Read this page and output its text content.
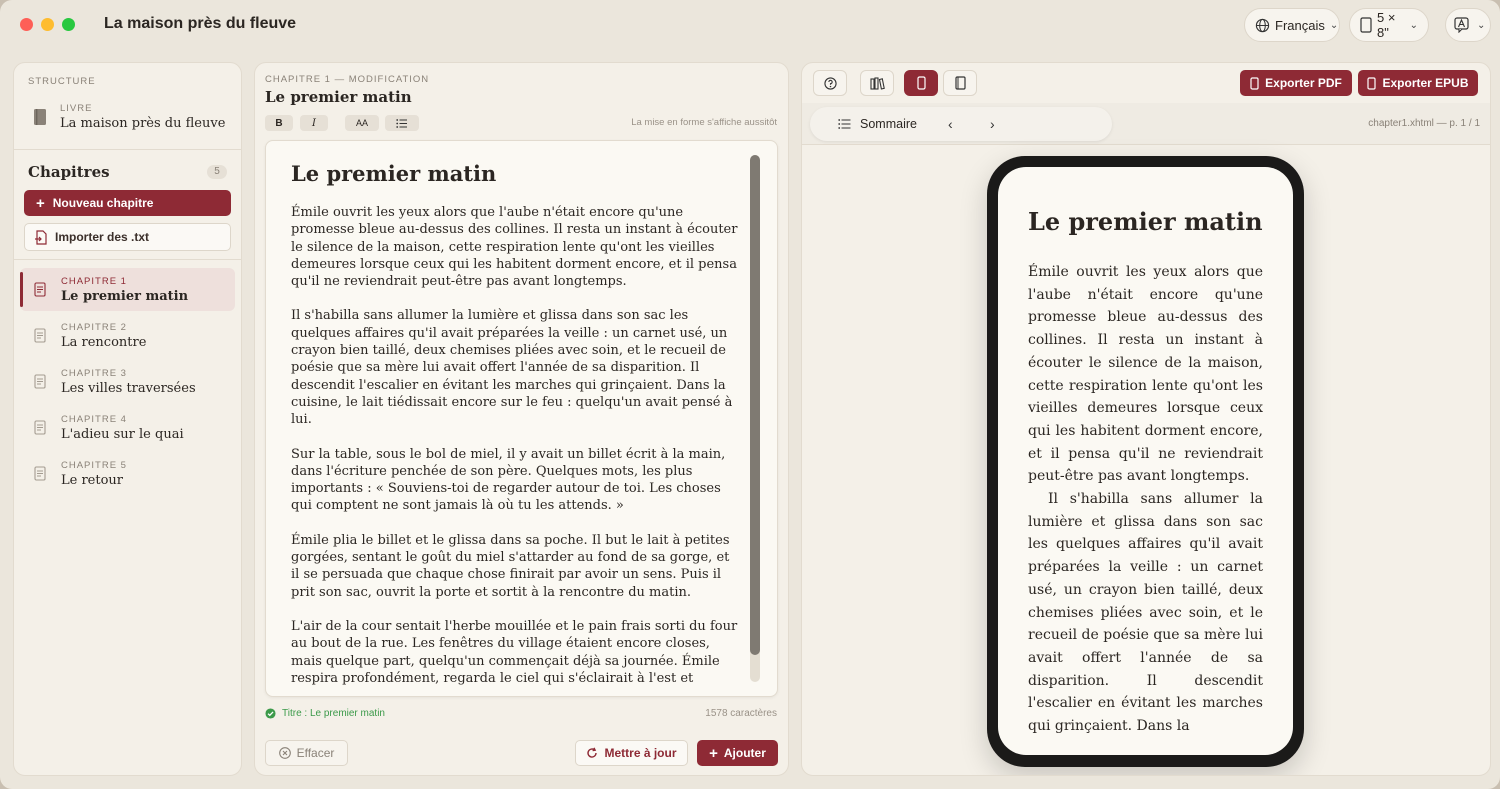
La maison près du fleuve	Français ⌄	5 × 8"	⌄	⌄
STRUCTURE
LIVRE
La maison près du fleuve
Chapitres	5
+ Nouveau chapitre
Importer des .txt
CHAPITRE 1
Le premier matin
CHAPITRE 2
La rencontre
CHAPITRE 3
Les villes traversées
CHAPITRE 4
L'adieu sur le quai
CHAPITRE 5
Le retour
CHAPITRE 1 — MODIFICATION
Le premier matin
B	I	AA	La mise en forme s'affiche aussitôt
Le premier matin

Émile ouvrit les yeux alors que l'aube n'était encore qu'une promesse bleue au-dessus des collines. Il resta un instant à écouter le silence de la maison, cette respiration lente qu'ont les vieilles demeures lorsque ceux qui les habitent dorment encore, et il pensa qu'il ne reviendrait peut-être pas avant longtemps.

Il s'habilla sans allumer la lumière et glissa dans son sac les quelques affaires qu'il avait préparées la veille : un carnet usé, un crayon bien taillé, deux chemises pliées avec soin, et le recueil de poésie que sa mère lui avait offert l'année de sa disparition. Il descendit l'escalier en évitant les marches qui grinçaient. Dans la cuisine, le lait tiédissait encore sur le feu : quelqu'un avait pensé à lui.

Sur la table, sous le bol de miel, il y avait un billet écrit à la main, dans l'écriture penchée de son père. Quelques mots, les plus importants : « Souviens-toi de regarder autour de toi. Les choses qui comptent ne sont jamais là où tu les attends. »

Émile plia le billet et le glissa dans sa poche. Il but le lait à petites gorgées, sentant le goût du miel s'attarder au fond de sa gorge, et il se persuada que chaque chose finirait par avoir un sens. Puis il prit son sac, ouvrit la porte et sortit à la rencontre du matin.

L'air de la cour sentait l'herbe mouillée et le pain frais sorti du four au bout de la rue. Les fenêtres du village étaient encore closes, mais quelque part, quelqu'un commençait déjà sa journée. Émile respira profondément, regarda le ciel qui s'éclairait à l'est et

Titre : Le premier matin	1578 caractères
Effacer	Mettre à jour + Ajouter
Exporter PDF	Exporter EPUB
Sommaire ‹	›	chapter1.xhtml — p. 1 / 1
Le premier matin

Émile ouvrit les yeux alors que l'aube n'était encore qu'une promesse bleue au-dessus des collines. Il resta un instant à écouter le silence de la maison, cette respiration lente qu'ont les vieilles demeures lorsque ceux qui les habitent dorment encore, et il pensa qu'il ne reviendrait peut-être pas avant longtemps.

Il s'habilla sans allumer la lumière et glissa dans son sac les quelques affaires qu'il avait préparées la veille : un carnet usé, un crayon bien taillé, deux chemises pliées avec soin, et le recueil de poésie que sa mère lui avait offert l'année de sa disparition. Il descendit l'escalier en évitant les marches qui grinçaient. Dans la
